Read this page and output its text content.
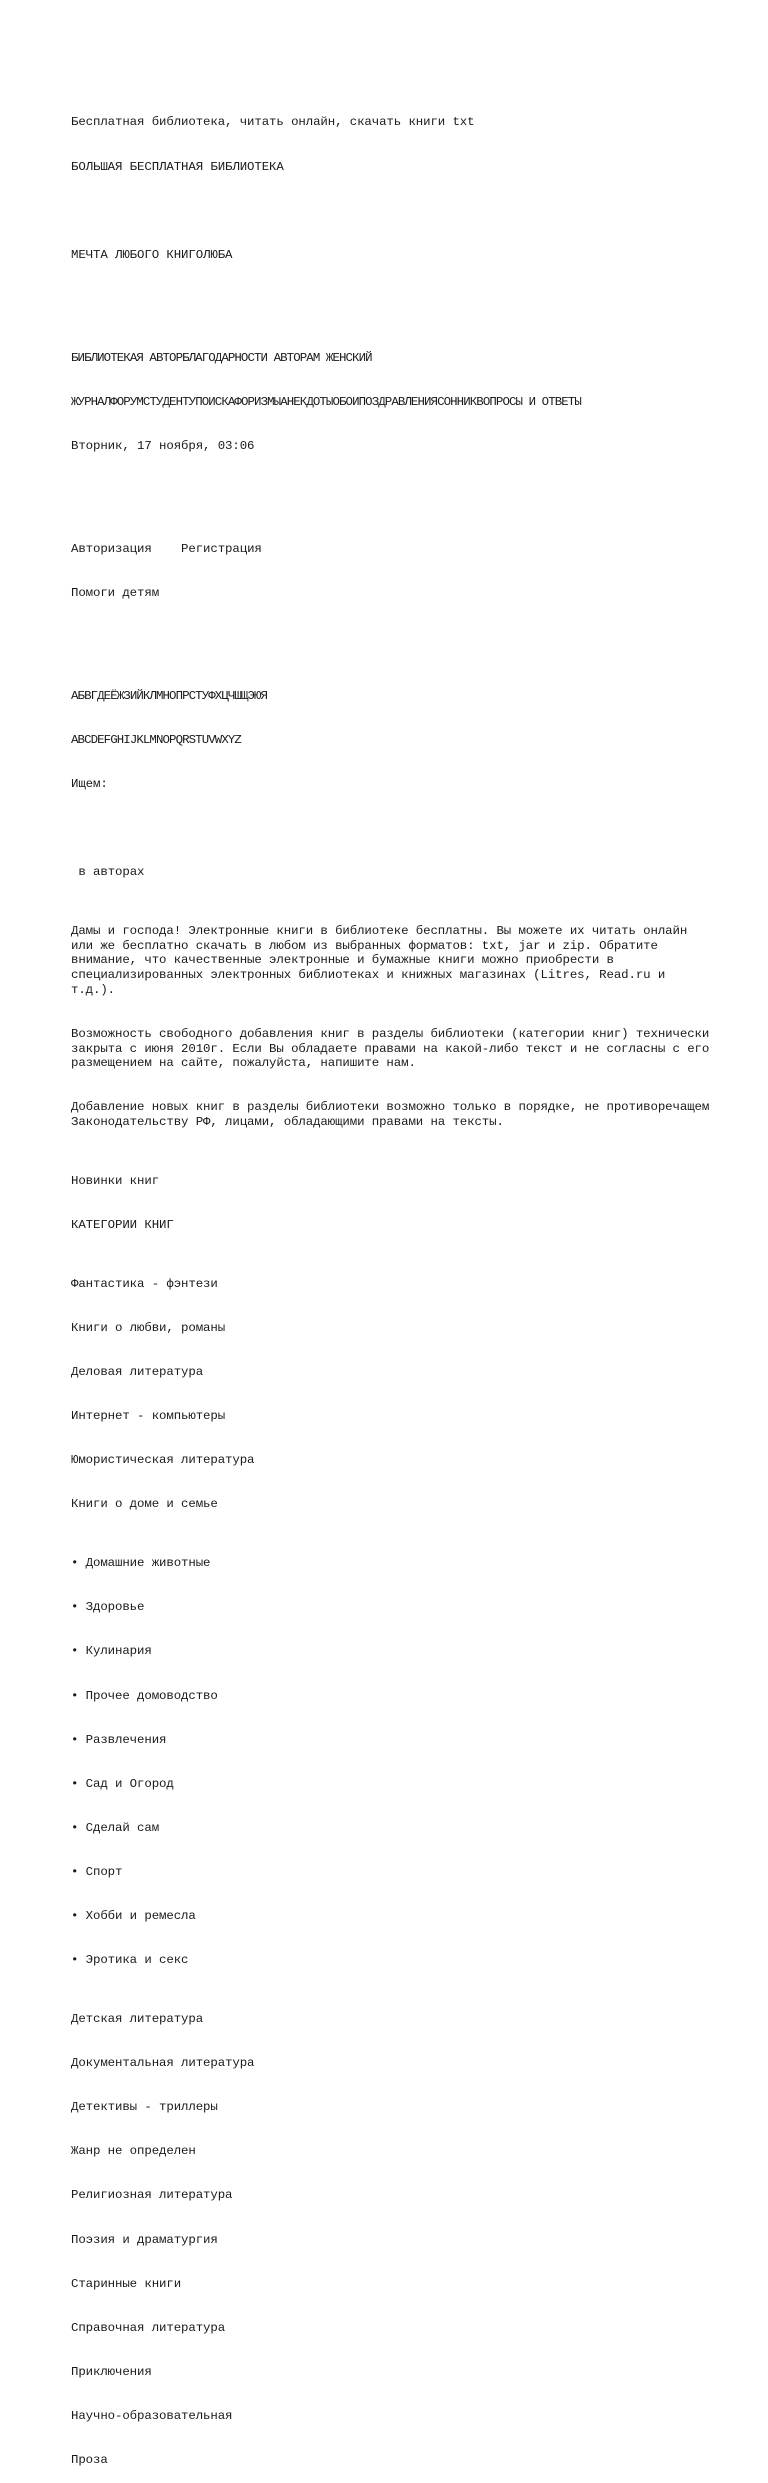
Бесплатная библиотека, читать онлайн, скачать книги txt

БОЛЬШАЯ БЕСПЛАТНАЯ БИБЛИОТЕКА

МЕЧТА ЛЮБОГО КНИГОЛЮБА

БИБЛИОТЕКАЯ АВТОРБЛАГОДАРНОСТИ АВТОРАМ ЖЕНСКИЙ

ЖУРНАЛФОРУМСТУДЕНТУПОИСКАФОРИЗМЫАНЕКДОТЫОБОИПОЗДРАВЛЕНИЯСОННИКВОПРОСЫ И ОТВЕТЫ

Вторник, 17 ноября, 03:06

Авторизация Регистрация

Помоги детям

АБВГДЕЁЖЗИЙКЛМНОПРСТУФХЦЧШЩЭЮЯ

ABCDEFGHIJKLMNOPQRSTUVWXYZ

Ищем:

в авторах

Дамы и господа! Электронные книги в библиотеке бесплатны. Вы можете их читать онлайн или же бесплатно скачать в любом из выбранных форматов: txt, jar и zip. Обратите внимание, что качественные электронные и бумажные книги можно приобрести в специализированных электронных библиотеках и книжных магазинах (Litres, Read.ru и т.д.).

Возможность свободного добавления книг в разделы библиотеки (категории книг) технически закрыта с июня 2010г. Если Вы обладаете правами на какой-либо текст и не согласны с его размещением на сайте, пожалуйста, напишите нам.

Добавление новых книг в разделы библиотеки возможно только в порядке, не противоречащем Законодательству РФ, лицами, обладающими правами на тексты.

Новинки книг

КАТЕГОРИИ КНИГ

Фантастика - фэнтези

Книги о любви, романы

Деловая литература

Интернет - компьютеры

Юмористическая литература

Книги о доме и семье

• Домашние животные

• Здоровье

• Кулинария

• Прочее домоводство

• Развлечения

• Сад и Огород

• Сделай сам

• Спорт

• Хобби и ремесла

• Эротика и секс

Детская литература

Документальная литература

Детективы - триллеры

Жанр не определен

Религиозная литература

Поэзия и драматургия

Старинные книги

Справочная литература

Приключения

Научно-образовательная

Проза
